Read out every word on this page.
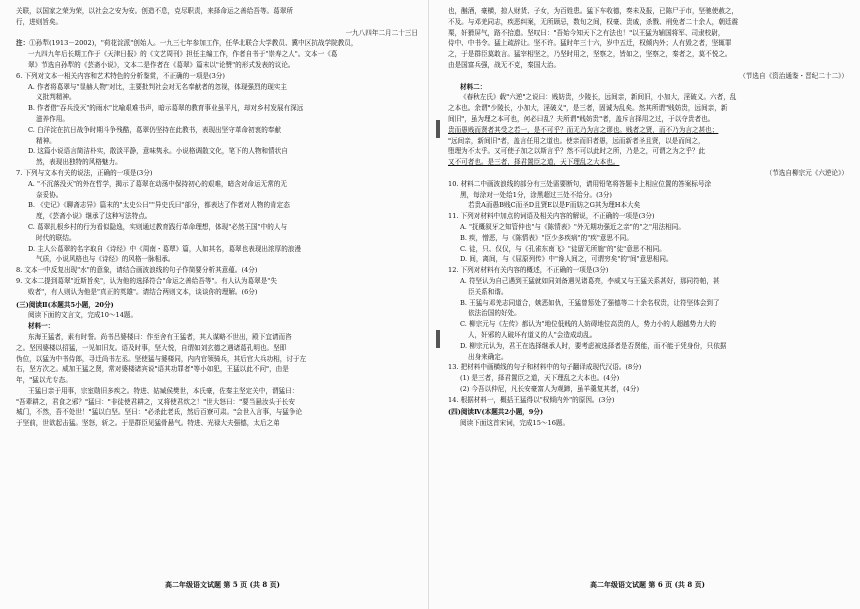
关联，以国家之荣为荣，以社会之安为安。创造不息，克尽职责，来择命运之善给吾等。葛翠所

行，进则旨矣。

一九八四年二月二十三日

注：①孙犁(1913－2002)，"荷花淀派"创始人。一九三七年参加工作，任华北联合大学教员、冀中区抗战学院教员，

一九四九年后长期工作于《天津日报》的《文艺周刊》担任主编工作，作者自书于"崇寿之人"。文本一《葛

翠》节选自孙犁的《芸斋小说》，文本二是作者在《葛翠》篇末以"论赞"的形式发表的议论。

6. 下列对文本一相关内容和艺术特色的分析鉴赏，不正确的一项是(3分)

A. 作者将葛翠与"显赫人物"对比，主要批判社会对无名奉献者的忽视，体现强烈的现实主

义批判精神。

B. 作者借"吞兵没灭"的雨水"比喻艰难书声，暗示葛翠的教育事业虽平凡，却对乡村发展有深远

滋养作用。

C. 白洋淀在抗日战争时期斗争残酷，葛翠仍坚持在此教书，表现出坚守革命初衷的奉献

精神。

D. 这篇小说语言简洁朴实，散淡平静，意味隽永。小说格调散文化，笔下的人物和情状自

然，表现出独特的风格魅力。

7. 下列与文本有关的说法，正确的一项是(3分)

A. "不沉落没灭"的外在哲学，揭示了葛翠在动荡中保持初心的艰难，暗含对命运无常的无

奈妥协。

B. 《史记》《聊斋志异》篇末的"太史公曰""异史氏曰"部分，都表达了作者对人物的肯定态

度，《芸斋小说》继承了这种写法特点。

C. 葛翠扎根乡村的行为看似隐逸，实则通过教育践行革命理想，体现"必然王国"中的人与

时代的联结。

D. 主人公葛翠的名字取自《诗经》中《周南・葛覃》篇，人如其名，葛翠也表现出浓厚的浪漫

气质，小说风格也与《诗经》的风格一脉相承。

8. 文本一中反复出现"水"的意象，请结合画波浪线的句子作简要分析其意蕴。(4分)

9. 文本二提到葛翠"近斯旨矣"，认为他的选择符合"命运之善给吾等"。有人认为葛翠是"失

败者"，有人则认为他是"真正的英雄"。请结合两则文本，谈谈你的理解。(6分)

(三)阅读Ⅱ(本题共5小题，20分)

阅读下面的文言文，完成10～14题。

材料一：

东海王猛者，素有时誉。尚书吕婆楼曰：作至舍有王猛者，其人谋略不世出，殿下宜请而咨

之。坚因婆楼以招猛，一见如旧友。语及时事，坚大悦，自谓如刘玄德之遇诸葛孔明也。坚即

伪位，以猛为中书侍郎，寻迁尚书左丞。坚使猛与婆楼同，内内官领骑兵，其后官大兵功相，讨于左

右，坚方次之。威加王猛之贤，常对婆楼诸宾说"语其功罪者"等小如犯，王猛以此不问"，由是

年，"猛以尤专态。

王猛日亲于用事，宗室勋旧多疾之。特进、姑臧侯樊世，本氏豪，佐秦主坚定关中，谓猛曰：

"吾辈耕之，君食之邪？"猛曰："非徒使君耕之，又将使君炊之！"世大怒曰："要当悬汝头于长安

城门，不然，吾不处世！"猛以白坚。坚曰："必杀此老氐，然后百寮可肃。"会世入言事，与猛争论

于坚前，世欲起击猛。坚怒，斩之。于是群臣见猛骨悬气。特进、光禄大夫强德，太后之弟

也，酗酒，豪横，掠人财货、子女，为百姓患。猛下车收德，奏未及报，已陈尸于市，坚驰使赦之，

不及。与邓羌同志，疾恶纠案，无所顾忌，数旬之间，权豪、贵戚，杀戮、刑免者二十余人，朝廷震

栗，奸猾屏气，路不拾遗。坚叹曰："吾始今知天下之有法也！"以王猛为辅国将军、司隶校尉，

侍中、中书令。猛上疏辞让。坚不许。猛时年三十六，岁中五迁，权倾内外；人有毁之者，坚辄罪

之，于是群臣莫敢言。猛宰相坚之，乃坚时用之，坚察之，皆如之，坚察之，秦者之，莫不悦之。

由是国富兵强，战无不克，秦国大治。

（节选自《资治通鉴・晋纪二十二》）

材料二：

《春秋左氏》载"六逆"之说曰：贱妨贵，少陵长，远间亲，新间旧，小加大，淫破义。六者，乱

之本也。余谓"少陵长，小加大，淫破义"，是三者，固诚为乱矣。然其所谓"贱妨贵，远间亲，新

间旧"，虽为理之本可也，何必曰乱？夫所谓"贱妨贵"者，盖斥言择用之过，于以夺贵者也。

贵而愚贱而贤者其受之若一，是不可乎？而无乃为言之谬也。贱者之贤，而不乃为言之甚也；

"远间亲，新间旧"者，盖言任用之道也。使亲而旧者愚，远而新者圣且贤，以是而间之，

堕理为不太乎。又可使子加之以斯言乎？然不可以此时之所，乃是之，可谓之为之乎？此

又不可者也。是三者，择君置臣之道，天下理乱之大本也。

（节选自柳宗元《六逆论》）

10. 材料二中画波浪线的部分有三处需要断句，请用铅笔将答题卡上相应位置的答案标号涂

黑，每涂对一处给1分，涂黑超过三处不给分。(3分)

若贵A而愚B贱C而圣D且贤E以是F而妨之G其为理H本大矣

11. 下列对材料中加点的词语及相关内容的解说，不正确的一项是(3分)

A. "抚概叙牙之知管仲也"与《陈情表》"外无期功强近之亲"的"之"用法相同。

B. 疾，憎恶，与《陈情表》"臣少多疾病"的"疾"意思不同。

C. 徒，只、仅仅，与《孔雀东南飞》"徒留无所施"的"徒"意思不相同。

D. 间，离间，与《屈原列传》中"谗人间之，可谓穷矣"的"间"意思相同。

12. 下列对材料有关内容的概述，不正确的一项是(3分)

A. 符坚认为自己遇到王猛就如同刘备遇见诸葛亮，李威又与王猛关系甚好，那同符帕，甚

臣关系和谐。

B. 王猛与邓羌志同道合，嫉恶如仇，王猛曾惩处了强德等二十余名权贵，让符坚体会到了

依法治国的好处。

C. 柳宗元与《左传》都认为"地位低贱的人妨碍地位高贵的人，势力小的人超越势力大的

人，奸邪的人破坏有道义的人"会造成动乱。

D. 柳宗元认为，君王在选择继承人时，要考虑被选择者是否贤能，而不能于凭身份，只依据

出身来确定。

13. 把材料中画横线的句子和材料中的句子翻译成现代汉语。(8分)

(1) 是三者，择君置臣之道，天下理乱之大本也。(4分)

(2) 今吾以仲尼，凡长安豪富人为观蹄，虽羊羹复其者，(4分)

14. 根据材料一，概括王猛得以"权倾内外"的原因。(3分)

(四)阅读Ⅳ(本题共2小题，9分)

阅读下面这首宋词，完成15～16题。

高二年级语文试题 第 5 页 (共 8 页)	高二年级语文试题 第 6 页 (共 8 页)
